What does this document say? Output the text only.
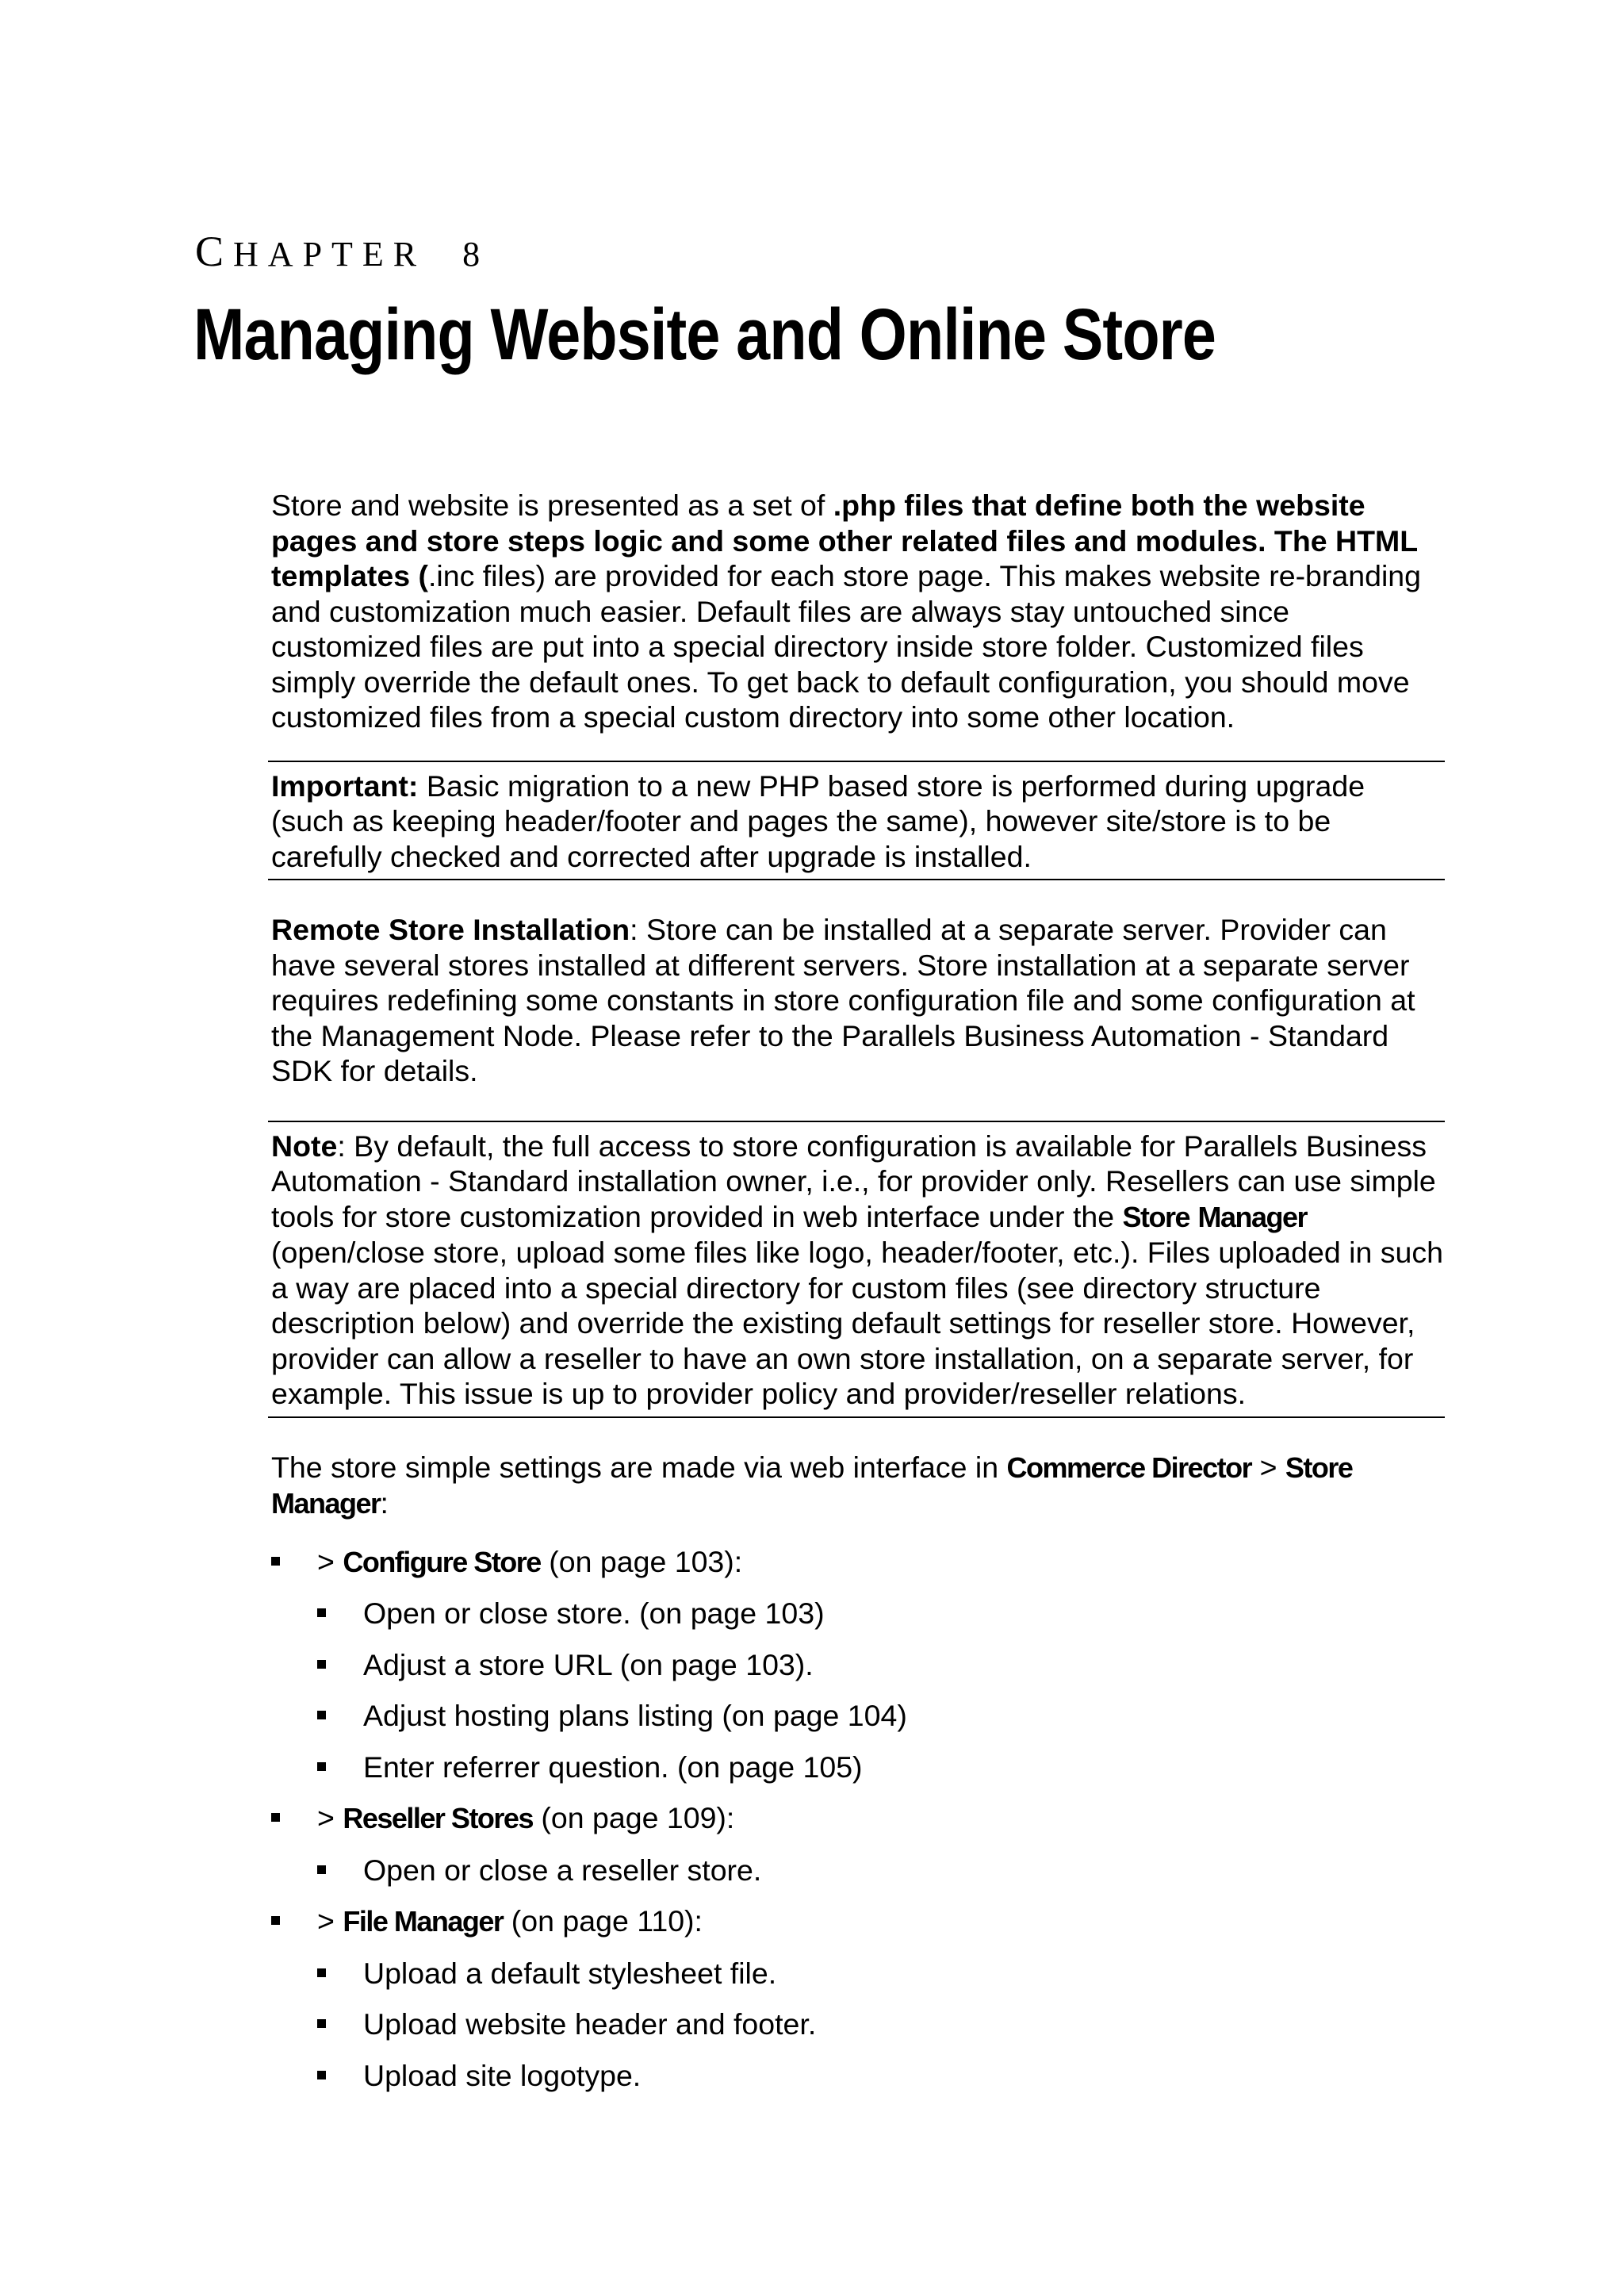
CHAPTER 8
Managing Website and Online Store

Store and website is presented as a set of .php files that define both the website pages and store steps logic and some other related files and modules. The HTML templates (.inc files) are provided for each store page. This makes website re-branding and customization much easier. Default files are always stay untouched since customized files are put into a special directory inside store folder. Customized files simply override the default ones. To get back to default configuration, you should move customized files from a special custom directory into some other location.

Important: Basic migration to a new PHP based store is performed during upgrade (such as keeping header/footer and pages the same), however site/store is to be carefully checked and corrected after upgrade is installed.

Remote Store Installation: Store can be installed at a separate server. Provider can have several stores installed at different servers. Store installation at a separate server requires redefining some constants in store configuration file and some configuration at the Management Node. Please refer to the Parallels Business Automation - Standard SDK for details.

Note: By default, the full access to store configuration is available for Parallels Business Automation - Standard installation owner, i.e., for provider only. Resellers can use simple tools for store customization provided in web interface under the Store Manager (open/close store, upload some files like logo, header/footer, etc.). Files uploaded in such a way are placed into a special directory for custom files (see directory structure description below) and override the existing default settings for reseller store. However, provider can allow a reseller to have an own store installation, on a separate server, for example. This issue is up to provider policy and provider/reseller relations.

The store simple settings are made via web interface in Commerce Director > Store
Manager:

> Configure Store (on page 103):
Open or close store. (on page 103)
Adjust a store URL (on page 103).
Adjust hosting plans listing (on page 104)
Enter referrer question. (on page 105)
> Reseller Stores (on page 109):
Open or close a reseller store.
> File Manager (on page 110):
Upload a default stylesheet file.
Upload website header and footer.
Upload site logotype.
